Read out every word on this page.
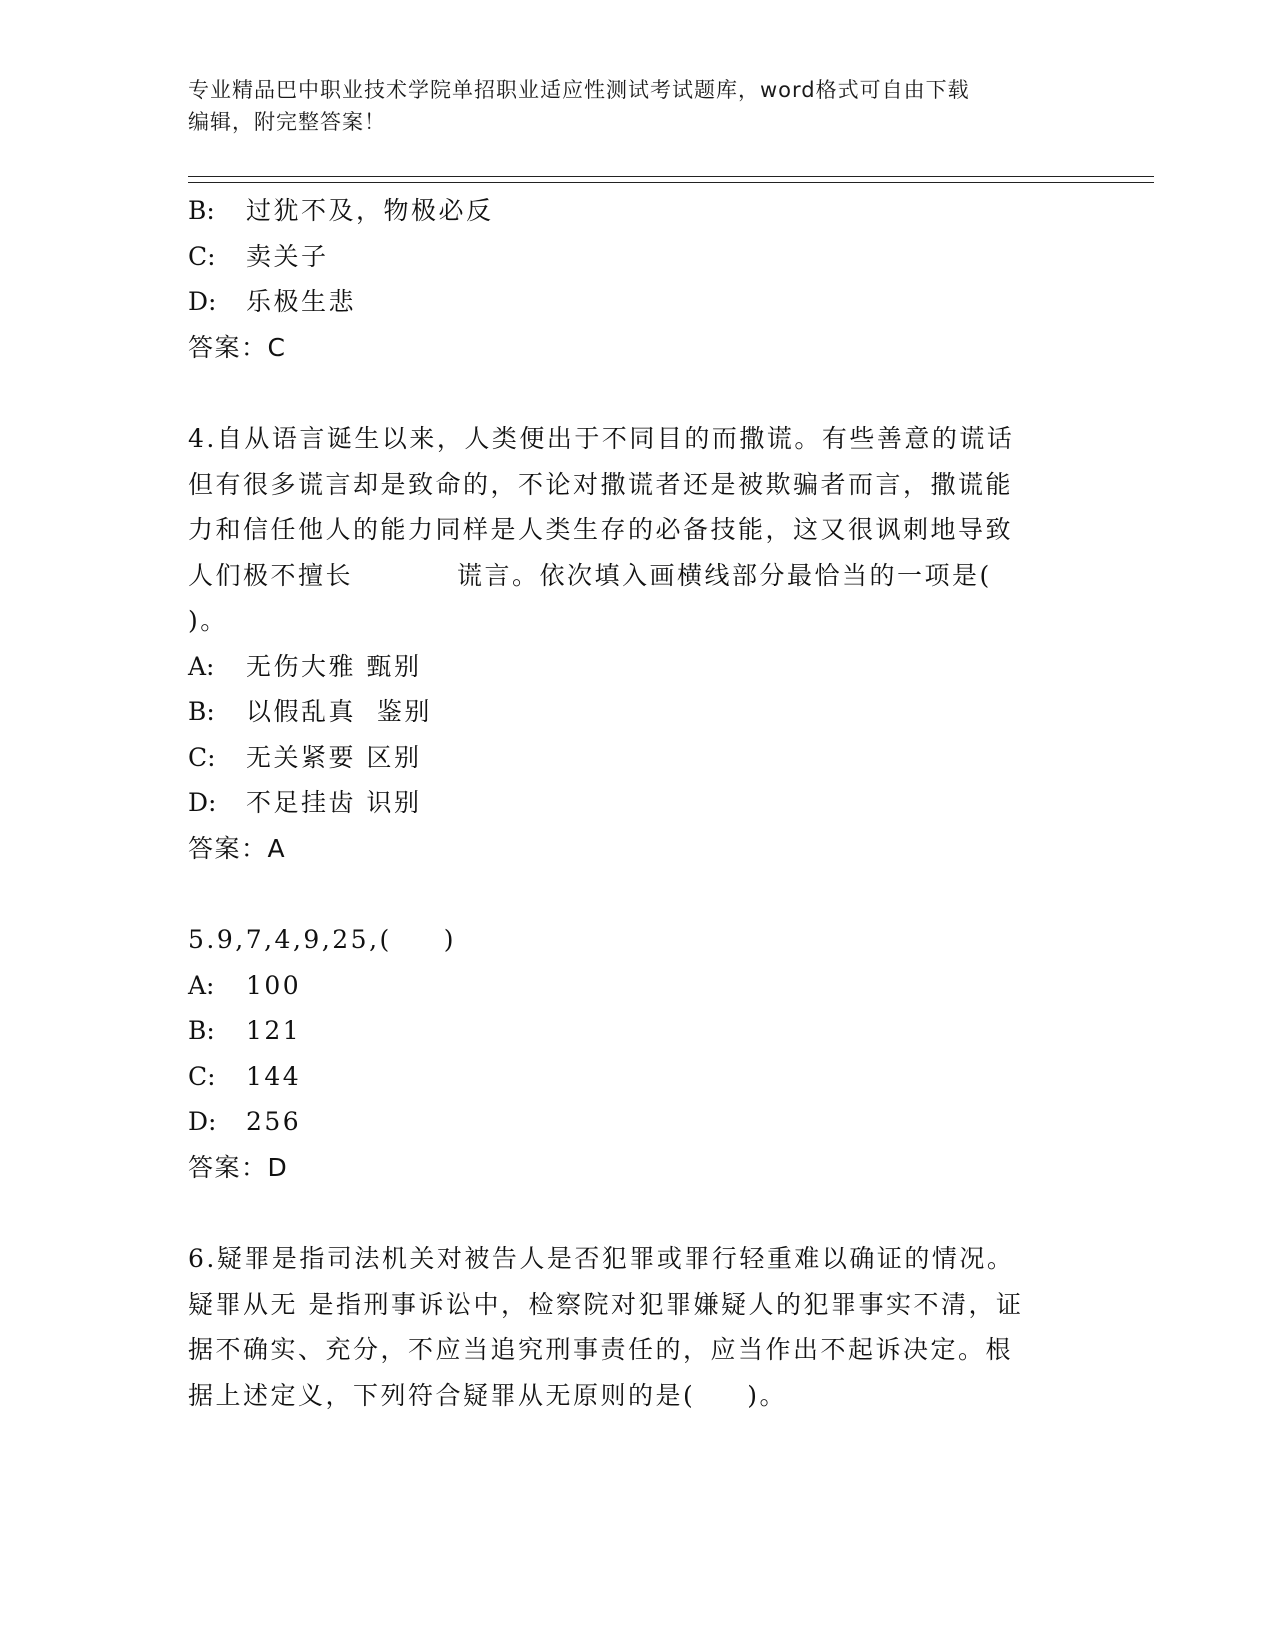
专业精品巴中职业技术学院单招职业适应性测试考试题库，word格式可自由下载

编辑，附完整答案！

B: 过犹不及，物极必反
C: 卖关子
D: 乐极生悲
答案：C
4.自从语言诞生以来，人类便出于不同目的而撒谎。有些善意的谎话
但有很多谎言却是致命的，不论对撒谎者还是被欺骗者而言，撒谎能
力和信任他人的能力同样是人类生存的必备技能，这又很讽刺地导致
人们极不擅长	谎言。依次填入画横线部分最恰当的一项是(
)。
A: 无伤大雅 甄别
B: 以假乱真  鉴别
C: 无关紧要 区别
D: 不足挂齿 识别
答案：A
5.9,7,4,9,25,( )
A: 100
B: 121
C: 144
D: 256
答案：D
6.疑罪是指司法机关对被告人是否犯罪或罪行轻重难以确证的情况。
疑罪从无 是指刑事诉讼中，检察院对犯罪嫌疑人的犯罪事实不清，证
据不确实、充分，不应当追究刑事责任的，应当作出不起诉决定。根
据上述定义，下列符合疑罪从无原则的是( )。
